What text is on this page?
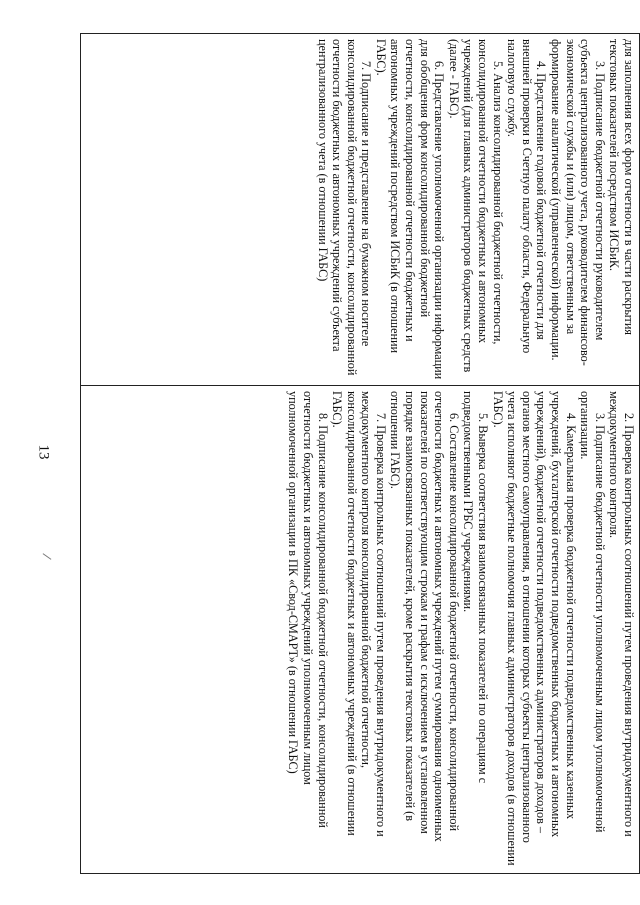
13

для заполнения всех форм отчетности в части раскрытия текстовых показателей посредством ИСБиК.

3. Подписание бюджетной отчетности руководителем субъекта централизованного учета, руководителем финансово-экономической службы и (или) лицом, ответственным за формирование аналитической (управленческой) информации.

4. Представление годовой бюджетной отчетности для внешней проверки в Счетную палату области, Федеральную налоговую службу.

5. Анализ консолидированной бюджетной отчетности, консолидированной отчетности бюджетных и автономных учреждений (для главных администраторов бюджетных средств (далее - ГАБС).

6. Представление уполномоченной организации информации для обобщения форм консолидированной бюджетной отчетности, консолидированной отчетности бюджетных и автономных учреждений посредством ИСБиК (в отношении ГАБС).

7. Подписание и представление на бумажном носителе консолидированной бюджетной отчетности, консолидированной отчетности бюджетных и автономных учреждений субъекта централизованного учета (в отношении ГАБС)

2. Проверка контрольных соотношений путем проведения внутридокументного и междокументного контроля.

3. Подписание бюджетной отчетности уполномоченным лицом уполномоченной организации.

4. Камеральная проверка бюджетной отчетности подведомственных казенных учреждений, бухгалтерской отчетности подведомственных бюджетных и автономных учреждений), бюджетной отчетности подведомственных администраторов доходов – органов местного самоуправления, в отношении которых субъекты централизованного учета исполняют бюджетные полномочия главных администраторов доходов (в отношении ГАБС).

5. Выверка соответствия взаимосвязанных показателей по операциям с подведомственными ГРБС учреждениями.

6. Составление консолидированной бюджетной отчетности, консолидированной отчетности бюджетных и автономных учреждений путем суммирования одноименных показателей по соответствующим строкам и графам с исключением в установленном порядке взаимосвязанных показателей, кроме раскрытия текстовых показателей (в отношении ГАБС).

7. Проверка контрольных соотношений путем проведения внутридокументного и междокументного контроля консолидированной бюджетной отчетности, консолидированной отчетности бюджетных и автономных учреждений (в отношении ГАБС).

8. Подписание консолидированной бюджетной отчетности, консолидированной отчетности бюджетных и автономных учреждений уполномоченным лицом уполномоченной организации в ПК «Свод-СМАРТ» (в отношении ГАБС)
